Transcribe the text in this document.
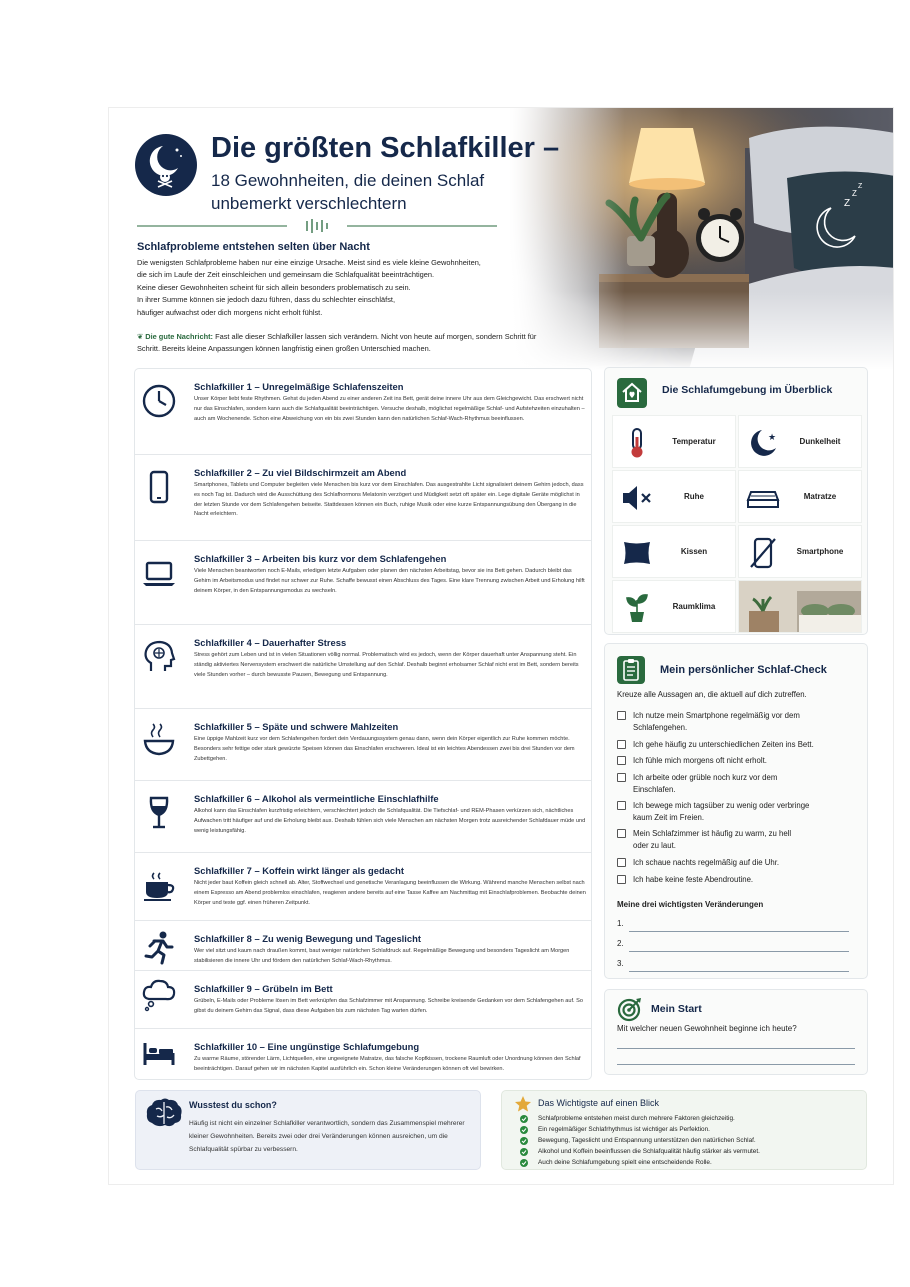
Die größten Schlafkiller –
18 Gewohnheiten, die deinen Schlaf unbemerkt verschlechtern
Schlafprobleme entstehen selten über Nacht
Die wenigsten Schlafprobleme haben nur eine einzige Ursache. Meist sind es viele kleine Gewohnheiten,
die sich im Laufe der Zeit einschleichen und gemeinsam die Schlafqualität beeinträchtigen.
Keine dieser Gewohnheiten scheint für sich allein besonders problematisch zu sein.
In ihrer Summe können sie jedoch dazu führen, dass du schlechter einschläfst,
häufiger aufwachst oder dich morgens nicht erholt fühlst.
❦ Die gute Nachricht: Fast alle dieser Schlafkiller lassen sich verändern. Nicht von heute auf morgen, sondern Schritt für Schritt. Bereits kleine Anpassungen können langfristig einen großen Unterschied machen.
Schlafkiller 1 – Unregelmäßige Schlafenszeiten
Unser Körper liebt feste Rhythmen. Gehst du jeden Abend zu einer anderen Zeit ins Bett, gerät deine innere Uhr aus dem Gleichgewicht. Das erschwert nicht nur das Einschlafen, sondern kann auch die Schlafqualität beeinträchtigen. Versuche deshalb, möglichst regelmäßige Schlaf- und Aufstehzeiten einzuhalten – auch am Wochenende. Schon eine Abweichung von ein bis zwei Stunden kann den natürlichen Schlaf-Wach-Rhythmus beeinflussen.
Schlafkiller 2 – Zu viel Bildschirmzeit am Abend
Smartphones, Tablets und Computer begleiten viele Menschen bis kurz vor dem Einschlafen. Das ausgestrahlte Licht signalisiert deinem Gehirn jedoch, dass es noch Tag ist. Dadurch wird die Ausschüttung des Schlafhormons Melatonin verzögert und Müdigkeit setzt oft später ein. Lege digitale Geräte möglichst in der letzten Stunde vor dem Schlafengehen beiseite. Stattdessen können ein Buch, ruhige Musik oder eine kurze Entspannungsübung den Übergang in die Nacht erleichtern.
Schlafkiller 3 – Arbeiten bis kurz vor dem Schlafengehen
Viele Menschen beantworten noch E-Mails, erledigen letzte Aufgaben oder planen den nächsten Arbeitstag, bevor sie ins Bett gehen. Dadurch bleibt das Gehirn im Arbeitsmodus und findet nur schwer zur Ruhe. Schaffe bewusst einen Abschluss des Tages. Eine klare Trennung zwischen Arbeit und Erholung hilft deinem Körper, in den Entspannungsmodus zu wechseln.
Schlafkiller 4 – Dauerhafter Stress
Stress gehört zum Leben und ist in vielen Situationen völlig normal. Problematisch wird es jedoch, wenn der Körper dauerhaft unter Anspannung steht. Ein ständig aktiviertes Nervensystem erschwert die natürliche Umstellung auf den Schlaf. Deshalb beginnt erholsamer Schlaf nicht erst im Bett, sondern bereits viele Stunden vorher – durch bewusste Pausen, Bewegung und Entspannung.
Schlafkiller 5 – Späte und schwere Mahlzeiten
Eine üppige Mahlzeit kurz vor dem Schlafengehen fordert dein Verdauungssystem genau dann, wenn dein Körper eigentlich zur Ruhe kommen möchte. Besonders sehr fettige oder stark gewürzte Speisen können das Einschlafen erschweren. Ideal ist ein leichtes Abendessen zwei bis drei Stunden vor dem Zubettgehen.
Schlafkiller 6 – Alkohol als vermeintliche Einschlafhilfe
Alkohol kann das Einschlafen kurzfristig erleichtern, verschlechtert jedoch die Schlafqualität. Die Tiefschlaf- und REM-Phasen verkürzen sich, nächtliches Aufwachen tritt häufiger auf und die Erholung bleibt aus. Deshalb fühlen sich viele Menschen am nächsten Morgen trotz ausreichender Schlafdauer müde und wenig leistungsfähig.
Schlafkiller 7 – Koffein wirkt länger als gedacht
Nicht jeder baut Koffein gleich schnell ab. Alter, Stoffwechsel und genetische Veranlagung beeinflussen die Wirkung. Während manche Menschen selbst nach einem Espresso am Abend problemlos einschlafen, reagieren andere bereits auf eine Tasse Kaffee am Nachmittag mit Einschlafproblemen. Beobachte deinen Körper und teste ggf. einen früheren Zeitpunkt.
Schlafkiller 8 – Zu wenig Bewegung und Tageslicht
Wer viel sitzt und kaum nach draußen kommt, baut weniger natürlichen Schlafdruck auf. Regelmäßige Bewegung und besonders Tageslicht am Morgen stabilisieren die innere Uhr und fördern den natürlichen Schlaf-Wach-Rhythmus.
Schlafkiller 9 – Grübeln im Bett
Grübeln, E-Mails oder Probleme lösen im Bett verknüpfen das Schlafzimmer mit Anspannung. Schreibe kreisende Gedanken vor dem Schlafengehen auf. So gibst du deinem Gehirn das Signal, dass diese Aufgaben bis zum nächsten Tag warten dürfen.
Schlafkiller 10 – Eine ungünstige Schlafumgebung
Zu warme Räume, störender Lärm, Lichtquellen, eine ungeeignete Matratze, das falsche Kopfkissen, trockene Raumluft oder Unordnung können den Schlaf beeinträchtigen. Darauf gehen wir im nächsten Kapitel ausführlich ein. Schon kleine Veränderungen können oft viel bewirken.
Die Schlafumgebung im Überblick
Temperatur	★	Dunkelheit
Ruhe	Matratze
Kissen	Smartphone
Raumklima
Mein persönlicher Schlaf-Check
Kreuze alle Aussagen an, die aktuell auf dich zutreffen.
Ich nutze mein Smartphone regelmäßig vor dem Schlafengehen.
Ich gehe häufig zu unterschiedlichen Zeiten ins Bett.
Ich fühle mich morgens oft nicht erholt.
Ich arbeite oder grüble noch kurz vor dem Einschlafen.
Ich bewege mich tagsüber zu wenig oder verbringe kaum Zeit im Freien.
Mein Schlafzimmer ist häufig zu warm, zu hell oder zu laut.
Ich schaue nachts regelmäßig auf die Uhr.
Ich habe keine feste Abendroutine.
Meine drei wichtigsten Veränderungen
1.
2.
3.
Mein Start
Mit welcher neuen Gewohnheit beginne ich heute?
Wusstest du schon?
Häufig ist nicht ein einzelner Schlafkiller verantwortlich, sondern das Zusammenspiel mehrerer kleiner Gewohnheiten. Bereits zwei oder drei Veränderungen können ausreichen, um die Schlafqualität spürbar zu verbessern.
Das Wichtigste auf einen Blick
Schlafprobleme entstehen meist durch mehrere Faktoren gleichzeitig.
Ein regelmäßiger Schlafrhythmus ist wichtiger als Perfektion.
Bewegung, Tageslicht und Entspannung unterstützen den natürlichen Schlaf.
Alkohol und Koffein beeinflussen die Schlafqualität häufig stärker als vermutet.
Auch deine Schlafumgebung spielt eine entscheidende Rolle.
